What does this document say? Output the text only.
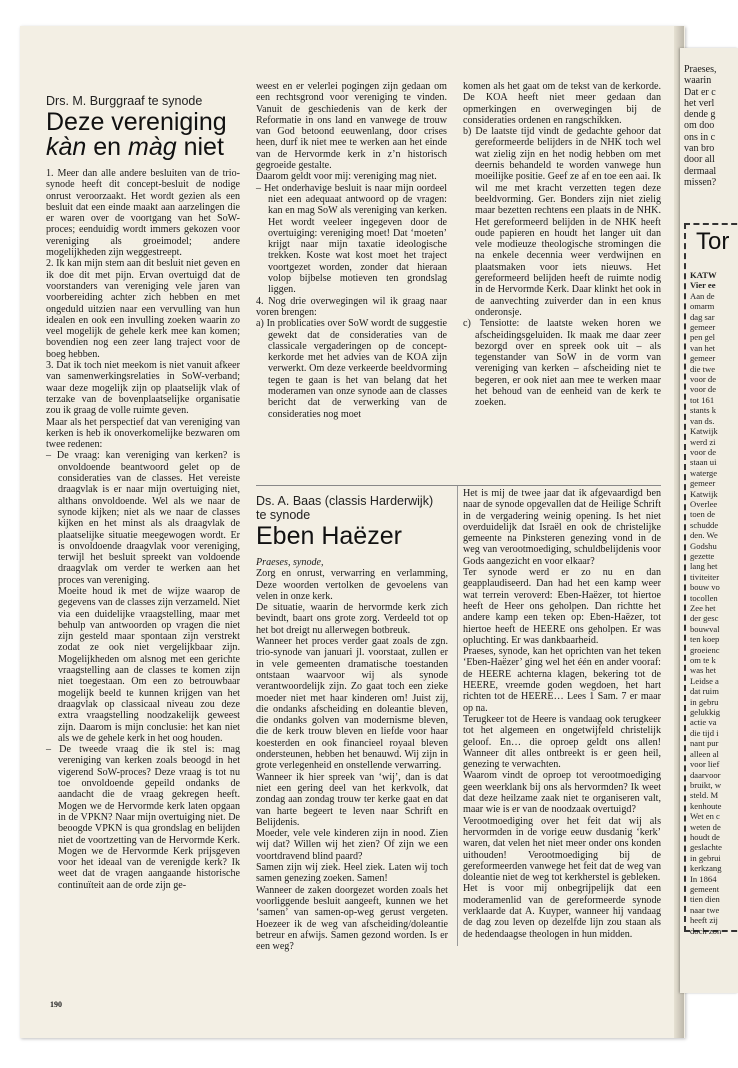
Drs. M. Burggraaf te synode
Deze vereniging
kàn en màg niet

1. Meer dan alle andere besluiten van de trio-synode heeft dit concept-besluit de nodige onrust veroorzaakt. Het wordt gezien als een besluit dat een einde maakt aan aarzelingen die er waren over de voortgang van het SoW-proces; eenduidig wordt immers gekozen voor vereniging als groeimodel; andere mogelijkheden zijn weggestreept.

2. Ik kan mijn stem aan dit besluit niet geven en ik doe dit met pijn. Ervan overtuigd dat de voorstanders van vereniging vele jaren van voorbereiding achter zich hebben en met ongeduld uitzien naar een vervulling van hun idealen en ook een invulling zoeken waarin zo veel mogelijk de gehele kerk mee kan komen; bovendien nog een zeer lang traject voor de boeg hebben.

3. Dat ik toch niet meekom is niet vanuit afkeer van samenwerkingsrelaties in SoW-verband; waar deze mogelijk zijn op plaatselijk vlak of terzake van de bovenplaatselijke organisatie zou ik graag de volle ruimte geven.

Maar als het perspectief dat van vereniging van kerken is heb ik onoverkomelijke bezwaren om twee redenen:

– De vraag: kan vereniging van kerken? is onvoldoende beantwoord gelet op de consideraties van de classes. Het vereiste draagvlak is er naar mijn overtuiging niet, althans onvoldoende. Wel als we naar de synode kijken; niet als we naar de classes kijken en het minst als als draagvlak de plaatselijke situatie meegewogen wordt. Er is onvoldoende draagvlak voor vereniging, terwijl het besluit spreekt van voldoende draagvlak om verder te werken aan het proces van vereniging.

Moeite houd ik met de wijze waarop de gegevens van de classes zijn verzameld. Niet via een duidelijke vraagstelling, maar met behulp van antwoorden op vragen die niet zijn gesteld maar spontaan zijn verstrekt zodat ze ook niet vergelijkbaar zijn. Mogelijkheden om alsnog met een gerichte vraagstelling aan de classes te komen zijn niet toegestaan. Om een zo betrouwbaar mogelijk beeld te kunnen krijgen van het draagvlak op classicaal niveau zou deze extra vraagstelling noodzakelijk geweest zijn. Daarom is mijn conclusie: het kan niet als we de gehele kerk in het oog houden.

– De tweede vraag die ik stel is: mag vereniging van kerken zoals beoogd in het vigerend SoW-proces? Deze vraag is tot nu toe onvoldoende gepeild ondanks de aandacht die de vraag gekregen heeft. Mogen we de Hervormde kerk laten opgaan in de VPKN? Naar mijn overtuiging niet. De beoogde VPKN is qua grondslag en belijden niet de voortzetting van de Hervormde Kerk. Mogen we de Hervormde Kerk prijsgeven voor het ideaal van de verenigde kerk? Ik weet dat de vragen aangaande historische continuïteit aan de orde zijn ge-

weest en er velerlei pogingen zijn gedaan om een rechtsgrond voor vereniging te vinden. Vanuit de geschiedenis van de kerk der Reformatie in ons land en vanwege de trouw van God betoond eeuwenlang, door crises heen, durf ik niet mee te werken aan het einde van de Hervormde kerk in z’n historisch gegroeide gestalte.

Daarom geldt voor mij: vereniging mag niet.

– Het onderhavige besluit is naar mijn oordeel niet een adequaat antwoord op de vragen: kan en mag SoW als vereniging van kerken. Het wordt veeleer ingegeven door de overtuiging: vereniging moet! Dat ‘moeten’ krijgt naar mijn taxatie ideologische trekken. Koste wat kost moet het traject voortgezet worden, zonder dat hieraan volop bijbelse motieven ten grondslag liggen.

4. Nog drie overwegingen wil ik graag naar voren brengen:

a) In problicaties over SoW wordt de suggestie gewekt dat de consideraties van de classicale vergaderingen op de concept-kerkorde met het advies van de KOA zijn verwerkt. Om deze verkeerde beeldvorming tegen te gaan is het van belang dat het moderamen van onze synode aan de classes bericht dat de verwerking van de consideraties nog moet

komen als het gaat om de tekst van de kerkorde. De KOA heeft niet meer gedaan dan opmerkingen en overwegingen bij de consideraties ordenen en rangschikken.

b) De laatste tijd vindt de gedachte gehoor dat gereformeerde belijders in de NHK toch wel wat zielig zijn en het nodig hebben om met deernis behandeld te worden vanwege hun moeilijke positie. Geef ze af en toe een aai. Ik wil me met kracht verzetten tegen deze beeldvorming. Ger. Bonders zijn niet zielig maar bezetten rechtens een plaats in de NHK. Het gereformeerd belijden in de NHK heeft oude papieren en houdt het langer uit dan vele modieuze theologische stromingen die na enkele decennia weer verdwijnen en plaatsmaken voor iets nieuws. Het gereformeerd belijden heeft de ruimte nodig in de Hervormde Kerk. Daar klinkt het ook in de aanvechting zuiverder dan in een knus onderonsje.

c) Tensiotte: de laatste weken horen we afscheidingsgeluiden. Ik maak me daar zeer bezorgd over en spreek ook uit – als tegenstander van SoW in de vorm van vereniging van kerken – afscheiding niet te begeren, er ook niet aan mee te werken maar het behoud van de eenheid van de kerk te zoeken.

Ds. A. Baas (classis Harderwijk)
te synode
Eben Haëzer

Praeses, synode,

Zorg en onrust, verwarring en verlamming, Deze woorden vertolken de gevoelens van velen in onze kerk.

De situatie, waarin de hervormde kerk zich bevindt, baart ons grote zorg. Verdeeld tot op het bot dreigt nu allerwegen botbreuk.

Wanneer het proces verder gaat zoals de zgn. trio-synode van januari jl. voorstaat, zullen er in vele gemeenten dramatische toestanden ontstaan waarvoor wij als synode verantwoordelijk zijn. Zo gaat toch een zieke moeder niet met haar kinderen om! Juist zij, die ondanks afscheiding en doleantie bleven, die ondanks golven van modernisme bleven, die de kerk trouw bleven en liefde voor haar koesterden en ook financieel royaal bleven ondersteunen, hebben het benauwd. Wij zijn in grote verlegenheid en onstellende verwarring.

Wanneer ik hier spreek van ‘wij’, dan is dat niet een gering deel van het kerkvolk, dat zondag aan zondag trouw ter kerke gaat en dat van harte begeert te leven naar Schrift en Belijdenis.

Moeder, vele vele kinderen zijn in nood. Zien wij dat? Willen wij het zien? Of zijn we een voortdravend blind paard?

Samen zijn wij ziek. Heel ziek. Laten wij toch samen genezing zoeken. Samen!

Wanneer de zaken doorgezet worden zoals het voorliggende besluit aangeeft, kunnen we het ‘samen’ van samen-op-weg gerust vergeten. Hoezeer ik de weg van afscheiding/doleantie betreur en afwijs. Samen gezond worden. Is er een weg?

Het is mij de twee jaar dat ik afgevaardigd ben naar de synode opgevallen dat de Heilige Schrift in de vergadering weinig opening. Is het niet overduidelijk dat Israël en ook de christelijke gemeente na Pinksteren genezing vond in de weg van verootmoediging, schuldbelijdenis voor Gods aangezicht en voor elkaar?

Ter synode werd er zo nu en dan geapplaudiseerd. Dan had het een kamp weer wat terrein veroverd: Eben-Haëzer, tot hiertoe heeft de Heer ons geholpen. Dan richtte het andere kamp een teken op: Eben-Haëzer, tot hiertoe heeft de HEERE ons geholpen. Er was opluchting. Er was dankbaarheid.

Praeses, synode, kan het oprichten van het teken ‘Eben-Haëzer’ ging wel het één en ander vooraf: de HEERE achterna klagen, bekering tot de HEERE, vreemde goden wegdoen, het hart richten tot de HEERE… Lees 1 Sam. 7 er maar op na.

Terugkeer tot de Heere is vandaag ook terugkeer tot het algemeen en ongetwijfeld christelijk geloof. En… die oproep geldt ons allen! Wanneer dit alles ontbreekt is er geen heil, genezing te verwachten.

Waarom vindt de oproep tot verootmoediging geen weerklank bij ons als hervormden? Ik weet dat deze heilzame zaak niet te organiseren valt, maar wie is er van de noodzaak overtuigd?

Verootmoediging over het feit dat wij als hervormden in de vorige eeuw dusdanig ‘kerk’ waren, dat velen het niet meer onder ons konden uithouden! Verootmoediging bij de gereformeerden vanwege het feit dat de weg van doleantie niet de weg tot kerkherstel is gebleken.

Het is voor mij onbegrijpelijk dat een moderamenlid van de gereformeerde synode verklaarde dat A. Kuyper, wanneer hij vandaag de dag zou leven op dezelfde lijn zou staan als de hedendaagse theologen in hun midden.

190
Praeses,
waarin
Dat er c
het verl
dende g
om doo
ons in c
van bro
door all
dermaal
missen?
Tor
KATW
Vier ee
Aan de
omarm
dag sar
gemeer
pen gel
van het
gemeer
die twe
voor de
voor de
tot 161
stants k
van ds.
Katwijk
werd zi
voor de
staan ui
waterge
gemeer
Katwijk
Overlee
toen de
schudde
den. We
Godshu
gezette
lang het
tiviteiter
bouw vo
tocollen
Zee het
der gesc
bouwval
ten koep
groeienc
om te k
was het
Leidse a
dat ruim
in gebru
gelukkig
actie va
die tijd i
nant pur
alleen al
voor lief
daarvoor
bruikt, w
steld. M
kenhoute
Wet en c
weten de
houdt de
geslachte
in gebrui
kerkzang
In 1864
gemeent
tien dien
naar twe
heeft zij
doch zon
